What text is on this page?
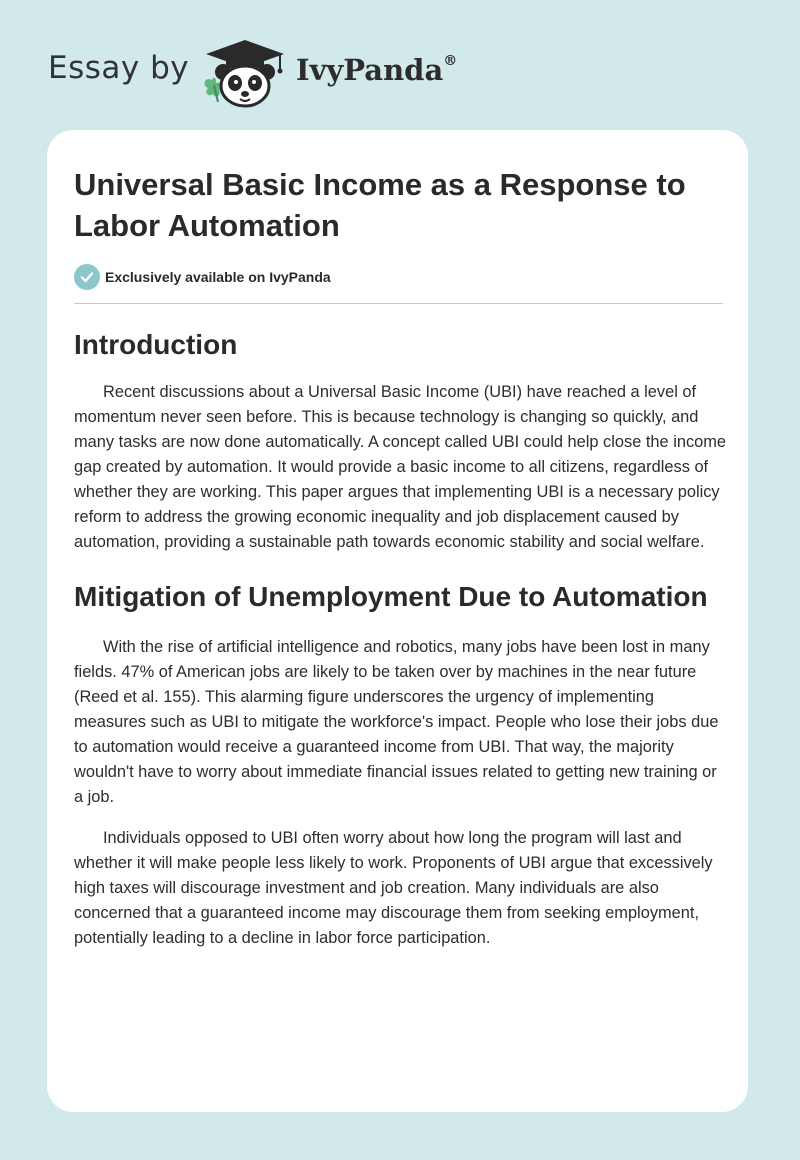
Essay by	IvyPanda®
Universal Basic Income as a Response to Labor Automation
Exclusively available on IvyPanda
Introduction

Recent discussions about a Universal Basic Income (UBI) have reached a level of momentum never seen before. This is because technology is changing so quickly, and many tasks are now done automatically. A concept called UBI could help close the income gap created by automation. It would provide a basic income to all citizens, regardless of whether they are working. This paper argues that implementing UBI is a necessary policy reform to address the growing economic inequality and job displacement caused by automation, providing a sustainable path towards economic stability and social welfare.

Mitigation of Unemployment Due to Automation

With the rise of artificial intelligence and robotics, many jobs have been lost in many fields. 47% of American jobs are likely to be taken over by machines in the near future (Reed et al. 155). This alarming figure underscores the urgency of implementing measures such as UBI to mitigate the workforce's impact. People who lose their jobs due to automation would receive a guaranteed income from UBI. That way, the majority wouldn't have to worry about immediate financial issues related to getting new training or a job.

Individuals opposed to UBI often worry about how long the program will last and whether it will make people less likely to work. Proponents of UBI argue that excessively high taxes will discourage investment and job creation. Many individuals are also concerned that a guaranteed income may discourage them from seeking employment, potentially leading to a decline in labor force participation.
